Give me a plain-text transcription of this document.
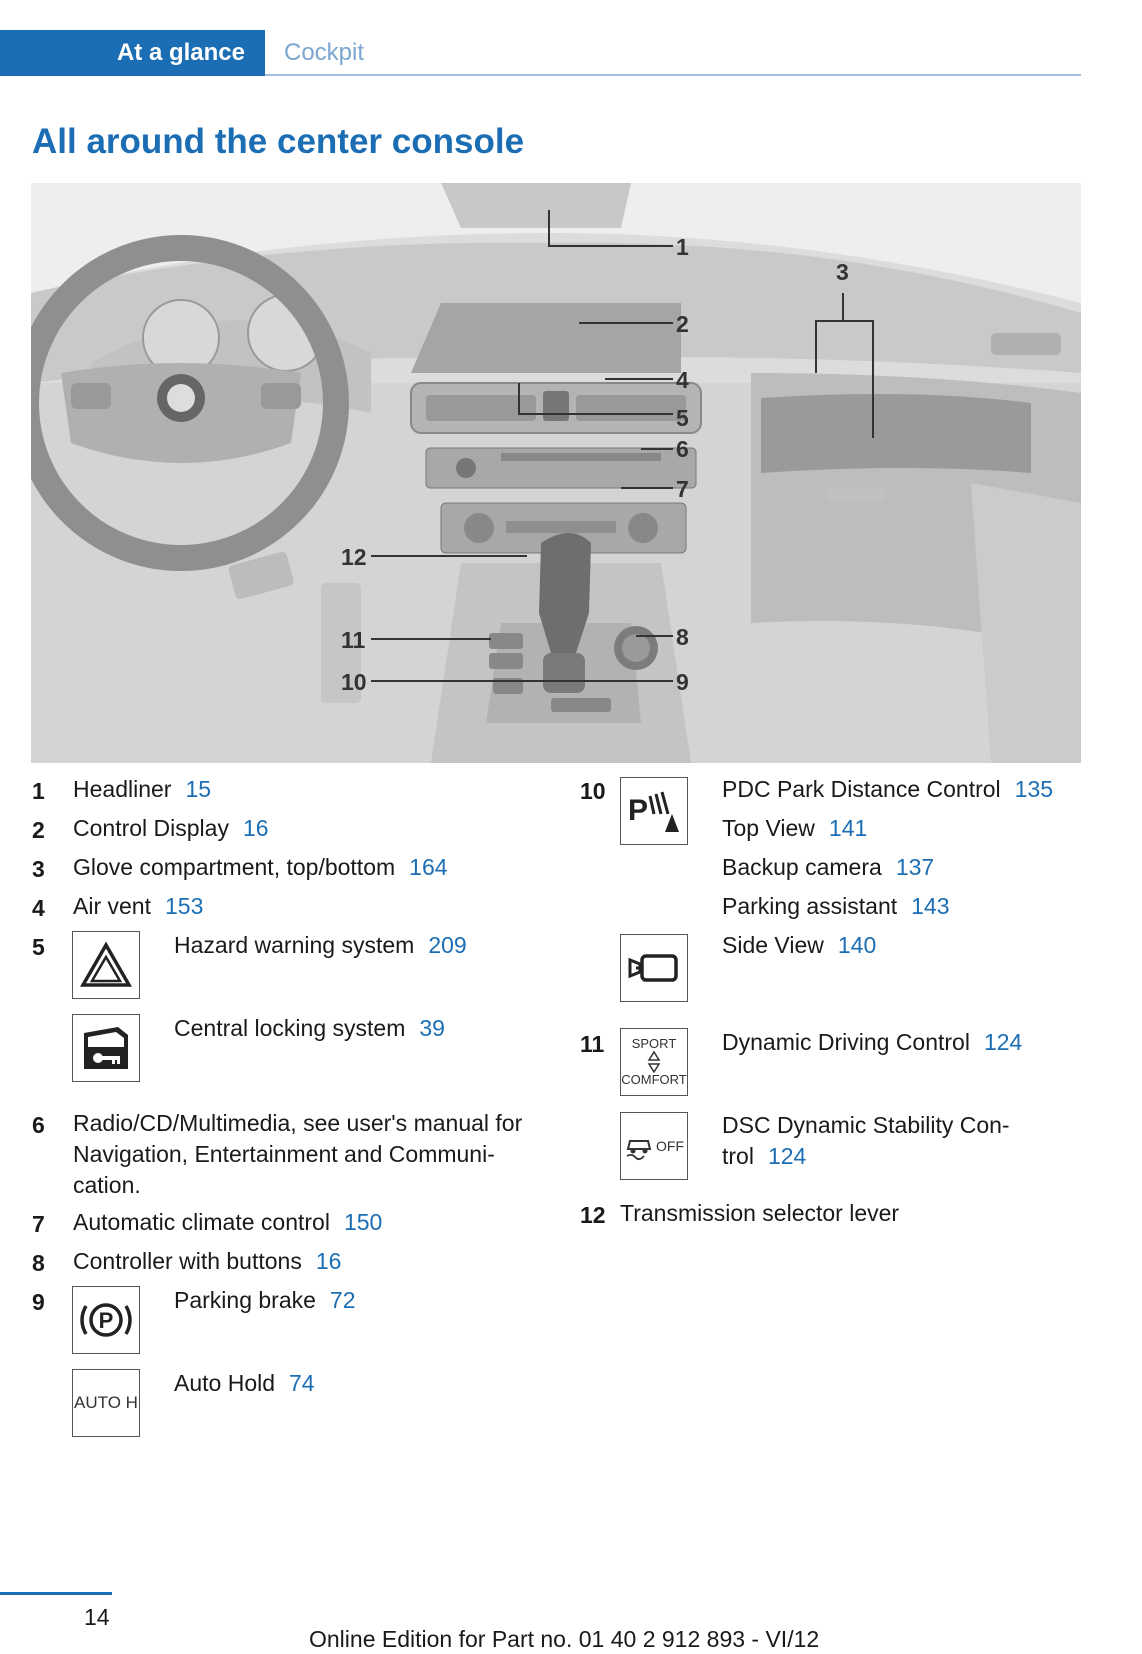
At a glance	Cockpit
All around the center console
1
2
3
4
5
6
7
8
9
10
11
12
1 Headliner 15
2 Control Display 16
3 Glove compartment, top/bottom 164
4 Air vent 153
5	Hazard warning system 209
Central locking system 39
6 Radio/CD/Multimedia, see user's manual for
Navigation, Entertainment and Communi-
cation.
7 Automatic climate control 150
8 Controller with buttons 16
9
P
Parking brake 72
AUTO H
Auto Hold 74
10
P
PDC Park Distance Control 135
Top View 141
Backup camera 137
Parking assistant 143
Side View 140
11 SPORT
COMFORT
Dynamic Driving Control 124
OFF
DSC Dynamic Stability Con-
trol 124
12 Transmission selector lever
14
Online Edition for Part no. 01 40 2 912 893 - VI/12
